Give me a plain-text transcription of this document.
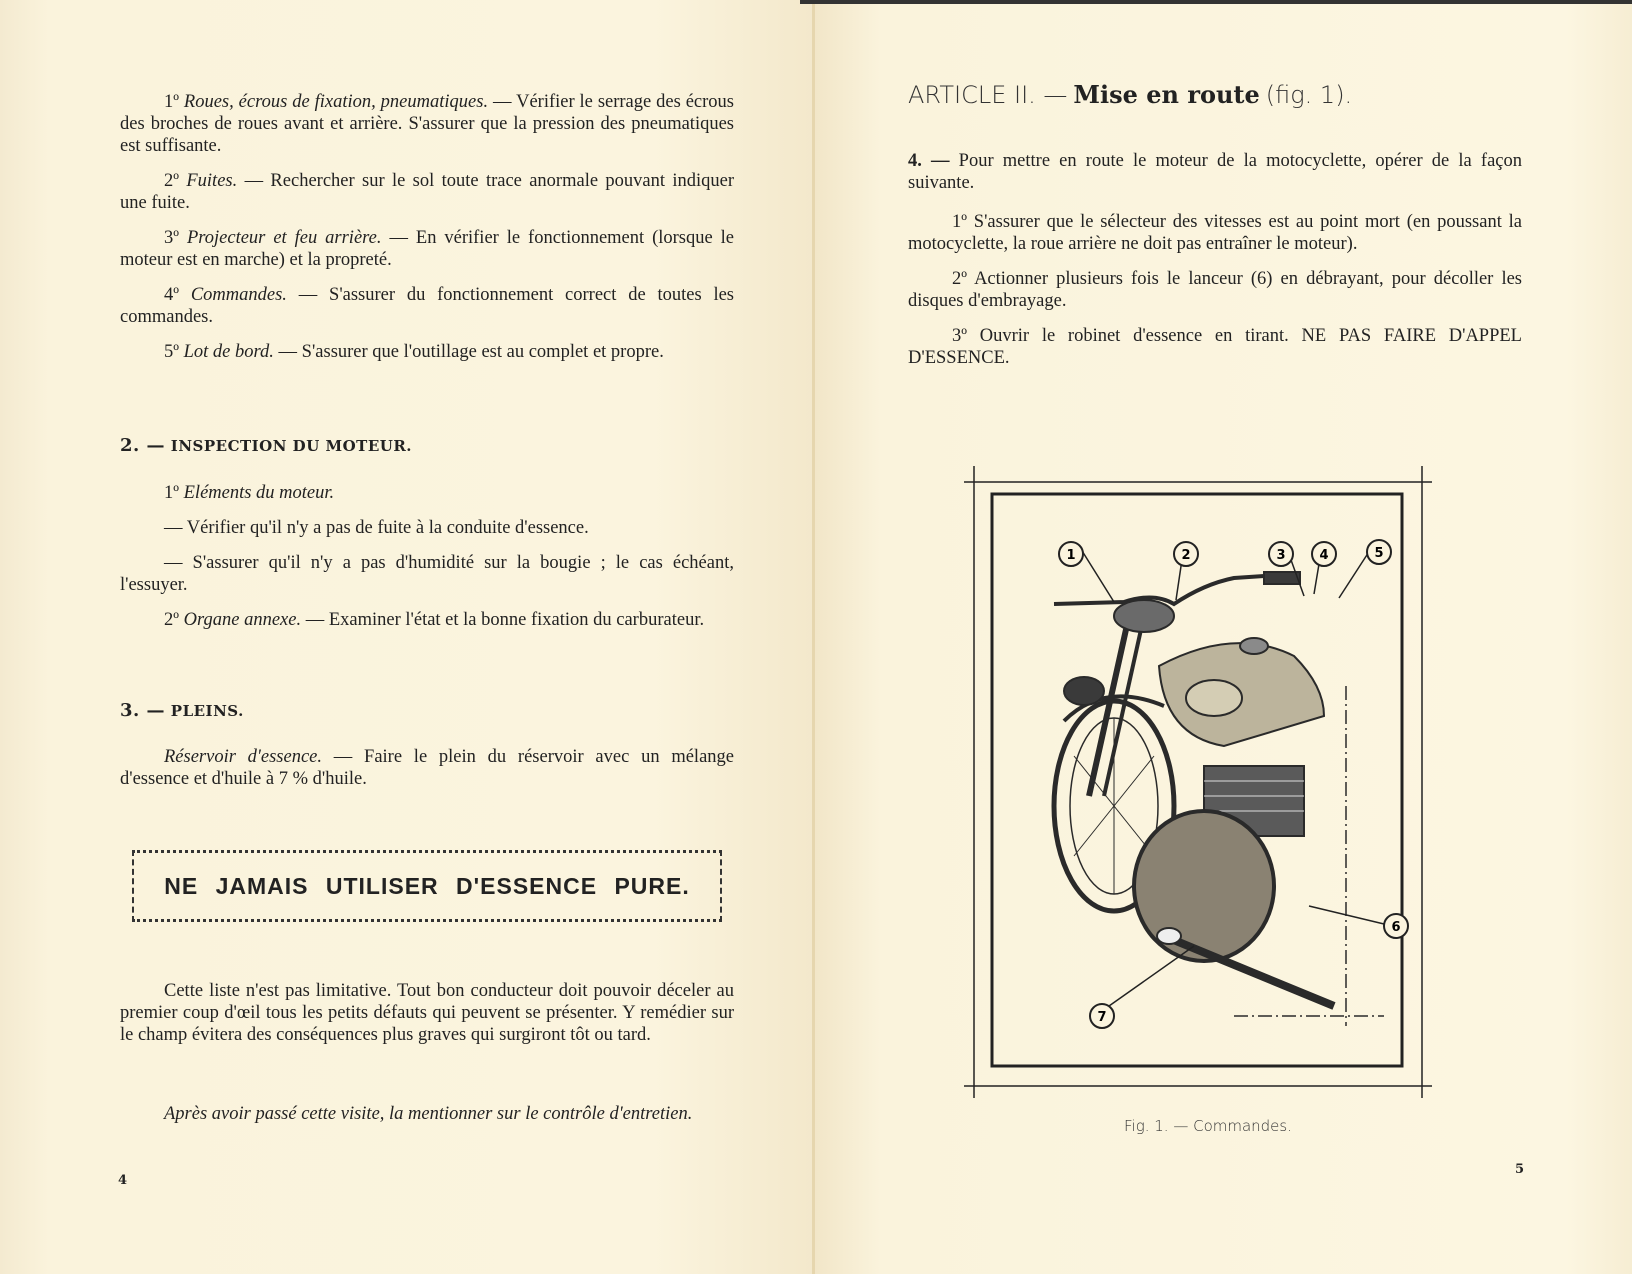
1º Roues, écrous de fixation, pneumatiques. — Vérifier le serrage des écrous des broches de roues avant et arrière. S'assurer que la pression des pneumatiques est suffisante.

2º Fuites. — Rechercher sur le sol toute trace anormale pouvant indiquer une fuite.

3º Projecteur et feu arrière. — En vérifier le fonctionnement (lorsque le moteur est en marche) et la propreté.

4º Commandes. — S'assurer du fonctionnement correct de toutes les commandes.

5º Lot de bord. — S'assurer que l'outillage est au complet et propre.

2. — INSPECTION DU MOTEUR.

1º Eléments du moteur.

— Vérifier qu'il n'y a pas de fuite à la conduite d'essence.

— S'assurer qu'il n'y a pas d'humidité sur la bougie ; le cas échéant, l'essuyer.

2º Organe annexe. — Examiner l'état et la bonne fixation du carburateur.

3. — PLEINS.

Réservoir d'essence. — Faire le plein du réservoir avec un mélange d'essence et d'huile à 7 % d'huile.

NE JAMAIS UTILISER D'ESSENCE PURE.

Cette liste n'est pas limitative. Tout bon conducteur doit pouvoir déceler au premier coup d'œil tous les petits défauts qui peuvent se présenter. Y remédier sur le champ évitera des conséquences plus graves qui surgiront tôt ou tard.

Après avoir passé cette visite, la mentionner sur le contrôle d'entretien.

4
ARTICLE II. — Mise en route (fig. 1).

4. — Pour mettre en route le moteur de la motocyclette, opérer de la façon suivante.

1º S'assurer que le sélecteur des vitesses est au point mort (en poussant la motocyclette, la roue arrière ne doit pas entraîner le moteur).

2º Actionner plusieurs fois le lanceur (6) en débrayant, pour décoller les disques d'embrayage.

3º Ouvrir le robinet d'essence en tirant. NE PAS FAIRE D'APPEL D'ESSENCE.

1	2	3	4	5
6
7
Fig. 1. — Commandes.
5
